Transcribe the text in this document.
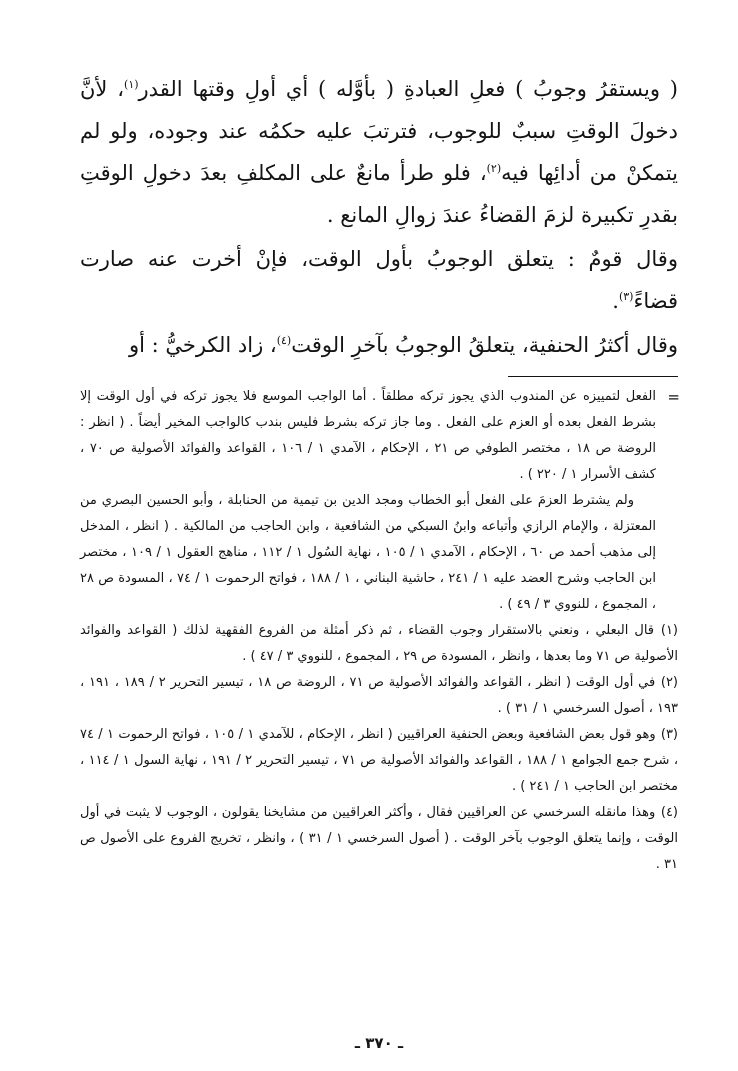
( ويستقرُ وجوبُ ) فعلِ العبادةِ ( بأوَّله ) أي أولِ وقتها القدر$^{(١)}$، لأنَّ دخولَ الوقتِ سببٌ للوجوب، فترتبَ عليه حكمُه عند وجوده، ولو لم يتمكنْ من أدائِها فيه$^{(٢)}$، فلو طرأ مانعٌ على المكلفِ بعدَ دخولِ الوقتِ بقدرِ تكبيرة لزمَ القضاءُ عندَ زوالِ المانع .

وقال قومٌ : يتعلق الوجوبُ بأول الوقت، فإنْ أخرت عنه صارت قضاءً$^{(٣)}$.

وقال أكثرُ الحنفية، يتعلقُ الوجوبُ بآخرِ الوقت$^{(٤)}$، زاد الكرخيُّ : أو

=

الفعل لتمييزه عن المندوب الذي يجوز تركه مطلقاً . أما الواجب الموسع فلا يجوز تركه في أول الوقت إلا بشرط الفعل بعده أو العزم على الفعل . وما جاز تركه بشرط فليس بندب كالواجب المخير أيضاً . ( انظر : الروضة ص ١٨ ، مختصر الطوفي ص ٢١ ، الإحكام ، الآمدي ١ / ١٠٦ ، القواعد والفوائد الأصولية ص ٧٠ ، كشف الأسرار ١ / ٢٢٠ ) .

ولم يشترط العزمَ على الفعل أبو الخطاب ومجد الدين بن تيمية من الحنابلة ، وأبو الحسين البصري من المعتزلة ، والإمام الرازي وأتباعه وابنُ السبكي من الشافعية ، وابن الحاجب من المالكية . ( انظر ، المدخل إلى مذهب أحمد ص ٦٠ ، الإحكام ، الآمدي ١ / ١٠٥ ، نهاية السُول ١ / ١١٢ ، مناهج العقول ١ / ١٠٩ ، مختصر ابن الحاجب وشرح العضد عليه ١ / ٢٤١ ، حاشية البناني ، ١ / ١٨٨ ، فواتح الرحموت ١ / ٧٤ ، المسودة ص ٢٨ ، المجموع ، للنووي ٣ / ٤٩ ) .

(١) قال البعلي ، ونعني بالاستقرار وجوب القضاء ، ثم ذكر أمثلة من الفروع الفقهية لذلك ( القواعد والفوائد الأصولية ص ٧١ وما بعدها ، وانظر ، المسودة ص ٢٩ ، المجموع ، للنووي ٣ / ٤٧ ) .

(٢) في أول الوقت ( انظر ، القواعد والفوائد الأصولية ص ٧١ ، الروضة ص ١٨ ، تيسير التحرير ٢ / ١٨٩ ، ١٩١ ، ١٩٣ ، أصول السرخسي ١ / ٣١ ) .

(٣) وهو قول بعض الشافعية وبعض الحنفية العراقيين ( انظر ، الإحكام ، للآمدي ١ / ١٠٥ ، فواتح الرحموت ١ / ٧٤ ، شرح جمع الجوامع ١ / ١٨٨ ، القواعد والفوائد الأصولية ص ٧١ ، تيسير التحرير ٢ / ١٩١ ، نهاية السول ١ / ١١٤ ، مختصر ابن الحاجب ١ / ٢٤١ ) .

(٤) وهذا مانقله السرخسي عن العراقيين فقال ، وأكثر العراقيين من مشايخنا يقولون ، الوجوب لا يثبت في أول الوقت ، وإنما يتعلق الوجوب بآخر الوقت . ( أصول السرخسي ١ / ٣١ ) ، وانظر ، تخريج الفروع على الأصول ص ٣١ .

ـ ٣٧٠ ـ
